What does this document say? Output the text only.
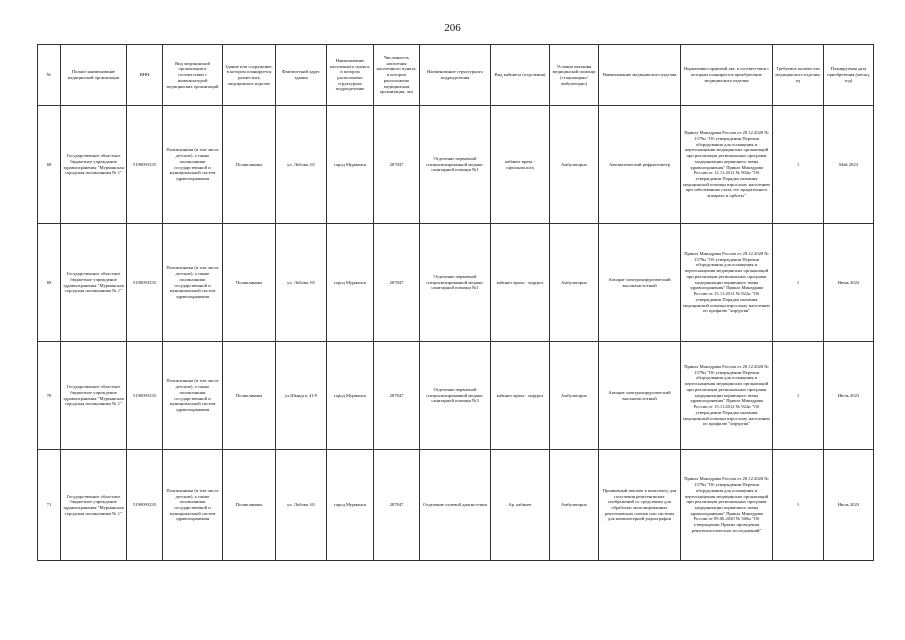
206
№	Полное наименование медицинской организации	ИНН	Вид медицинской организации в соответствии с номенклатурой медицинских организаций	Здание или сооружение, в котором планируется разместить медицинское изделие	Фактический адрес здания	Наименование населенного пункта, в котором расположено структурное подразделение	Численность населения населенного пункта, в котором расположено медицинская организация, чел	Наименование структурного подразделения	Вид кабинета (отделения)	Условия оказания медицинской помощи (стационарно/амбулаторно)	Наименование медицинского изделия	Нормативно-правовой акт, в соответствии с которым планируется приобретение медицинского изделия	Требуемое количество медицинского изделия, ед	Планируемая дата приобретения (месяц, год)
68	Государственное областное бюджетное учреждение здравоохранения "Мурманская городская поликлиника № 1"	5190093335	Поликлиники (в том числе детские), а также поликлиники государственной и муниципальной систем здравоохранения	Поликлиника	ул. Лобова, 65	город Мурманск	287847	Отделение первичной специализированной медико-санитарной помощи №1	кабинет врача - офтальмолога	Амбулаторно	Автоматический рефрактометр	Приказ Минздрава России от 28.12.2020 № 1379н "Об утверждении Перечня оборудования для оснащения и переоснащения медицинских организаций при реализации региональных программ модернизации первичного звена здравоохранения" Приказ Минздрава России от 12.11.2012 № 902н "Об утверждении Порядка оказания медицинской помощи взрослому населению при заболеваниях глаза, его придаточного аппарата и орбиты"	1	Май 2023
69	Государственное областное бюджетное учреждение здравоохранения "Мурманская городская поликлиника № 1"	5190093335	Поликлиники (в том числе детские), а также поликлиники государственной и муниципальной систем здравоохранения	Поликлиника	ул. Лобова, 65	город Мурманск	287847	Отделение первичной специализированной медико-санитарной помощи №1	кабинет врача - хирурга	Амбулаторно	Аппарат электрохирургический высокочастотный	Приказ Минздрава России от 28.12.2020 № 1379н "Об утверждении Перечня оборудования для оснащения и переоснащения медицинских организаций при реализации региональных программ модернизации первичного звена здравоохранения" Приказ Минздрава России от 15.11.2012 № 922н "Об утверждении Порядка оказания медицинской помощи взрослому населению по профилю "хирургия"	1	Июнь 2023
70	Государственное областное бюджетное учреждение здравоохранения "Мурманская городская поликлиника № 1"	5190093335	Поликлиники (в том числе детские), а также поликлиники государственной и муниципальной систем здравоохранения	Поликлиника	ул.Шмидта, 41/9	город Мурманск	287847	Отделение первичной специализированной медико-санитарной помощи №3	кабинет врача - хирурга	Амбулаторно	Аппарат электрохирургический высокочастотный	Приказ Минздрава России от 28.12.2020 № 1379н "Об утверждении Перечня оборудования для оснащения и переоснащения медицинских организаций при реализации региональных программ модернизации первичного звена здравоохранения" Приказ Минздрава России от 15.11.2012 № 922н "Об утверждении Порядка оказания медицинской помощи взрослому населению по профилю "хирургия"	1	Июль 2023
71	Государственное областное бюджетное учреждение здравоохранения "Мурманская городская поликлиника № 1"	5190093335	Поликлиники (в том числе детские), а также поликлиники государственной и муниципальной систем здравоохранения	Поликлиника	ул. Лобова, 65	город Мурманск	287847	Отделение лучевой диагностики	Ар. кабинет	Амбулаторно	Проявочный автомат к комплексу для получения рентгеновских изображений со средствами для обработки экспонированных рентгеновских пленок или системы для компьютерной радиографии	Приказ Минздрава России от 28.12.2020 № 1379н "Об утверждении Перечня оборудования для оснащения и переоснащения медицинских организаций при реализации региональных программ модернизации первичного звена здравоохранения" Приказ Минздрава России от 09.06.2020 № 560н "Об утверждении Правил проведения рентгенологических исследований"	1	Июль 2023
